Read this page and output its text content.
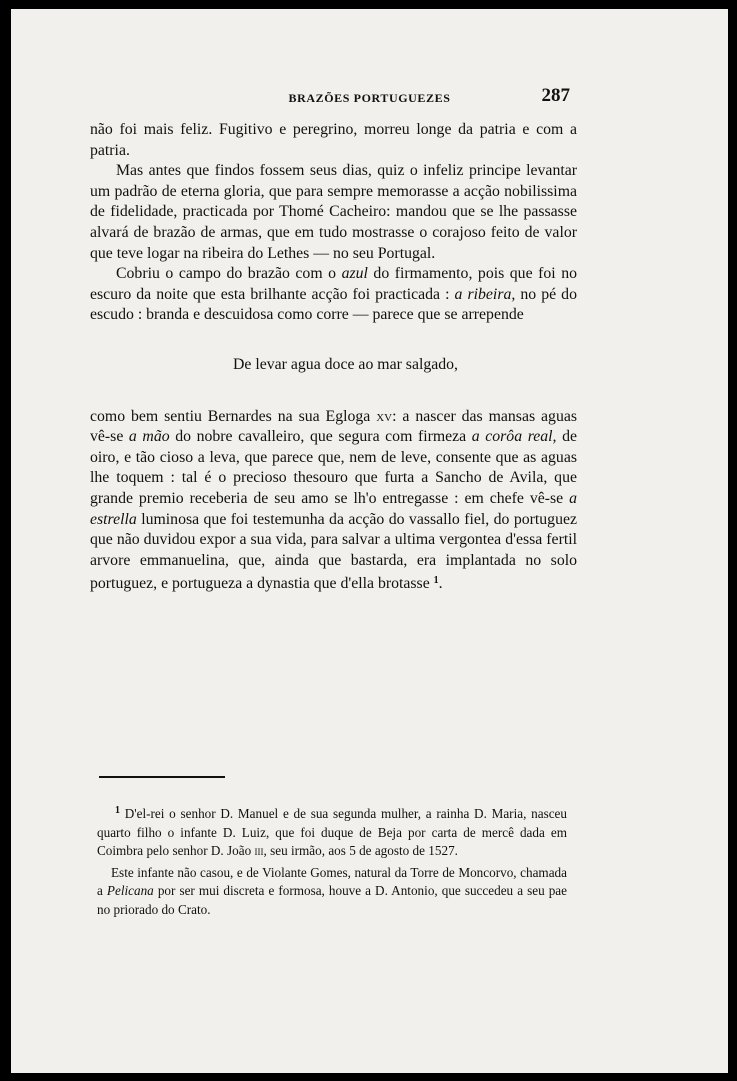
BRAZÕES PORTUGUEZES	287

não foi mais feliz. Fugitivo e peregrino, morreu longe da patria e com a patria.

Mas antes que findos fossem seus dias, quiz o infeliz principe levantar um padrão de eterna gloria, que para sempre memorasse a acção nobilissima de fidelidade, practicada por Thomé Cacheiro: mandou que se lhe passasse alvará de brazão de armas, que em tudo mostrasse o corajoso feito de valor que teve logar na ribeira do Lethes — no seu Portugal.

Cobriu o campo do brazão com o azul do firmamento, pois que foi no escuro da noite que esta brilhante acção foi practicada : a ribeira, no pé do escudo : branda e descuidosa como corre — parece que se arrepende

De levar agua doce ao mar salgado,

como bem sentiu Bernardes na sua Egloga xv: a nascer das mansas aguas vê-se a mão do nobre cavalleiro, que segura com firmeza a corôa real, de oiro, e tão cioso a leva, que parece que, nem de leve, consente que as aguas lhe toquem : tal é o precioso thesouro que furta a Sancho de Avila, que grande premio receberia de seu amo se lh'o entregasse : em chefe vê-se a estrella luminosa que foi testemunha da acção do vassallo fiel, do portuguez que não duvidou expor a sua vida, para salvar a ultima vergontea d'essa fertil arvore emmanuelina, que, ainda que bastarda, era implantada no solo portuguez, e portugueza a dynastia que d'ella brotasse $^1$.

$^1$ D'el-rei o senhor D. Manuel e de sua segunda mulher, a rainha D. Maria, nasceu quarto filho o infante D. Luiz, que foi duque de Beja por carta de mercê dada em Coimbra pelo senhor D. João iii, seu irmão, aos 5 de agosto de 1527.

Este infante não casou, e de Violante Gomes, natural da Torre de Moncorvo, chamada a Pelicana por ser mui discreta e formosa, houve a D. Antonio, que succedeu a seu pae no priorado do Crato.
